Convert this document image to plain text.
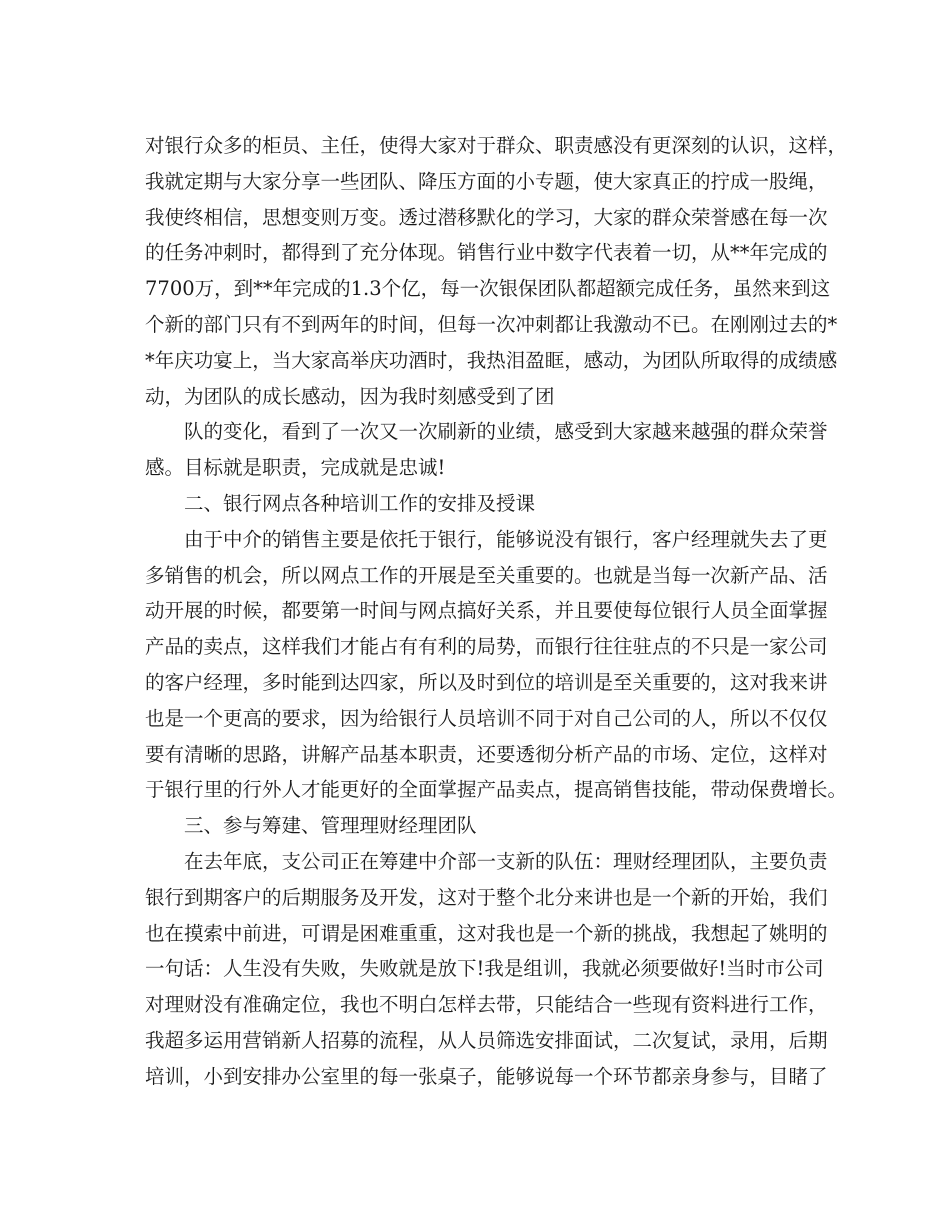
对银行众多的柜员、主任，使得大家对于群众、职责感没有更深刻的认识，这样，
我就定期与大家分享一些团队、降压方面的小专题，使大家真正的拧成一股绳，
我使终相信，思想变则万变。透过潜移默化的学习，大家的群众荣誉感在每一次
的任务冲刺时，都得到了充分体现。销售行业中数字代表着一切，从**年完成的
7700万，到**年完成的1.3个亿，每一次银保团队都超额完成任务，虽然来到这
个新的部门只有不到两年的时间，但每一次冲刺都让我激动不已。在刚刚过去的*
*年庆功宴上，当大家高举庆功酒时，我热泪盈眶，感动，为团队所取得的成绩感
动，为团队的成长感动，因为我时刻感受到了团
队的变化，看到了一次又一次刷新的业绩，感受到大家越来越强的群众荣誉
感。目标就是职责，完成就是忠诚!
二、银行网点各种培训工作的安排及授课
由于中介的销售主要是依托于银行，能够说没有银行，客户经理就失去了更
多销售的机会，所以网点工作的开展是至关重要的。也就是当每一次新产品、活
动开展的时候，都要第一时间与网点搞好关系，并且要使每位银行人员全面掌握
产品的卖点，这样我们才能占有有利的局势，而银行往往驻点的不只是一家公司
的客户经理，多时能到达四家，所以及时到位的培训是至关重要的，这对我来讲
也是一个更高的要求，因为给银行人员培训不同于对自己公司的人，所以不仅仅
要有清晰的思路，讲解产品基本职责，还要透彻分析产品的市场、定位，这样对
于银行里的行外人才能更好的全面掌握产品卖点，提高销售技能，带动保费增长。
三、参与筹建、管理理财经理团队
在去年底，支公司正在筹建中介部一支新的队伍：理财经理团队，主要负责
银行到期客户的后期服务及开发，这对于整个北分来讲也是一个新的开始，我们
也在摸索中前进，可谓是困难重重，这对我也是一个新的挑战，我想起了姚明的
一句话：人生没有失败，失败就是放下!我是组训，我就必须要做好!当时市公司
对理财没有准确定位，我也不明白怎样去带，只能结合一些现有资料进行工作，
我超多运用营销新人招募的流程，从人员筛选安排面试，二次复试，录用，后期
培训，小到安排办公室里的每一张桌子，能够说每一个环节都亲身参与，目睹了
